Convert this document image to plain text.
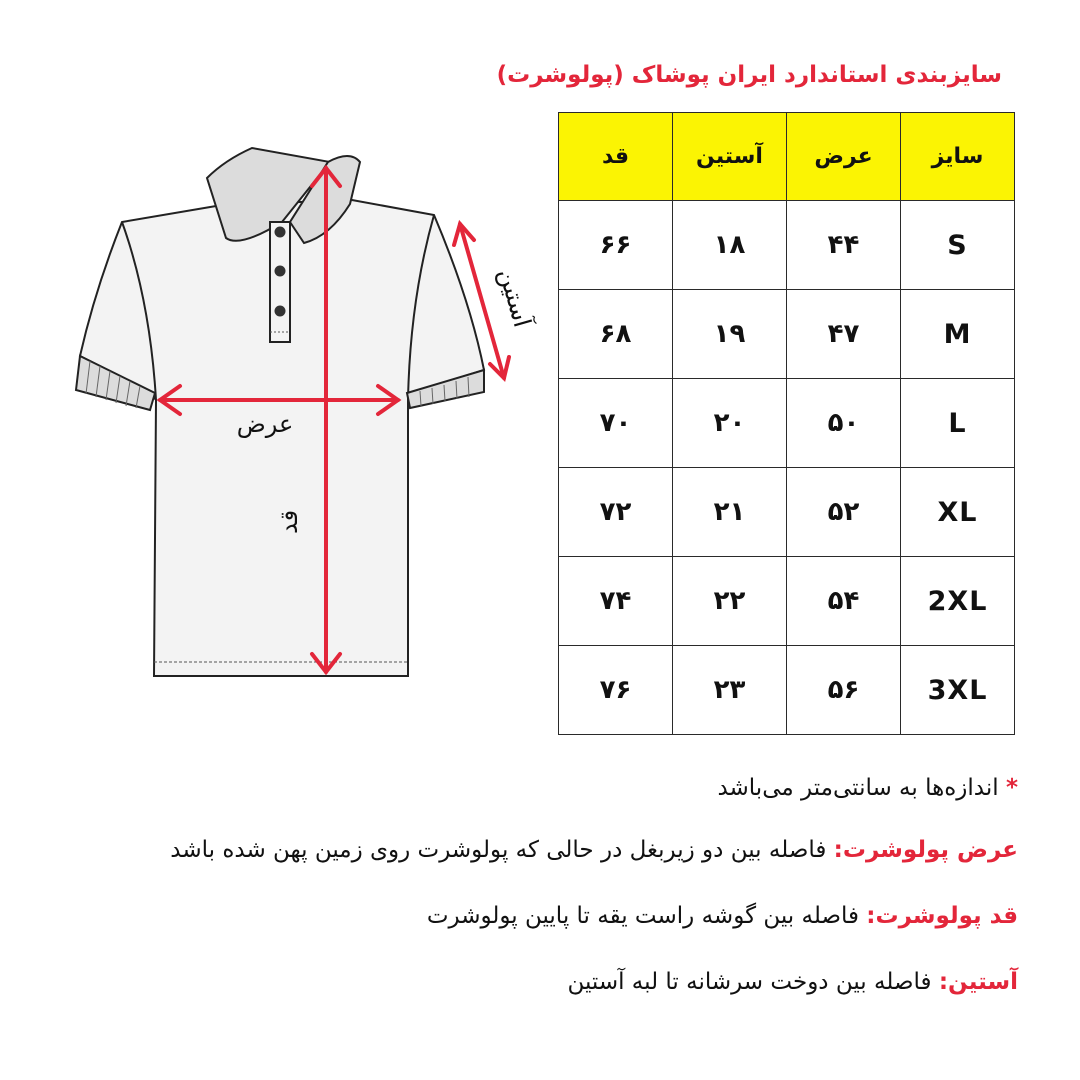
سایزبندی استاندارد ایران پوشاک (پولوشرت)
عرض
قد
آستین
سایز	عرض	آستین	قد
S	۴۴	۱۸	۶۶
M	۴۷	۱۹	۶۸
L	۵۰	۲۰	۷۰
XL	۵۲	۲۱	۷۲
2XL	۵۴	۲۲	۷۴
3XL	۵۶	۲۳	۷۶

* اندازه‌ها به سانتی‌متر می‌باشد

عرض پولوشرت: فاصله بین دو زیربغل در حالی که پولوشرت روی زمین پهن شده باشد

قد پولوشرت: فاصله بین گوشه راست یقه تا پایین پولوشرت

آستین: فاصله بین دوخت سرشانه تا لبه آستین
